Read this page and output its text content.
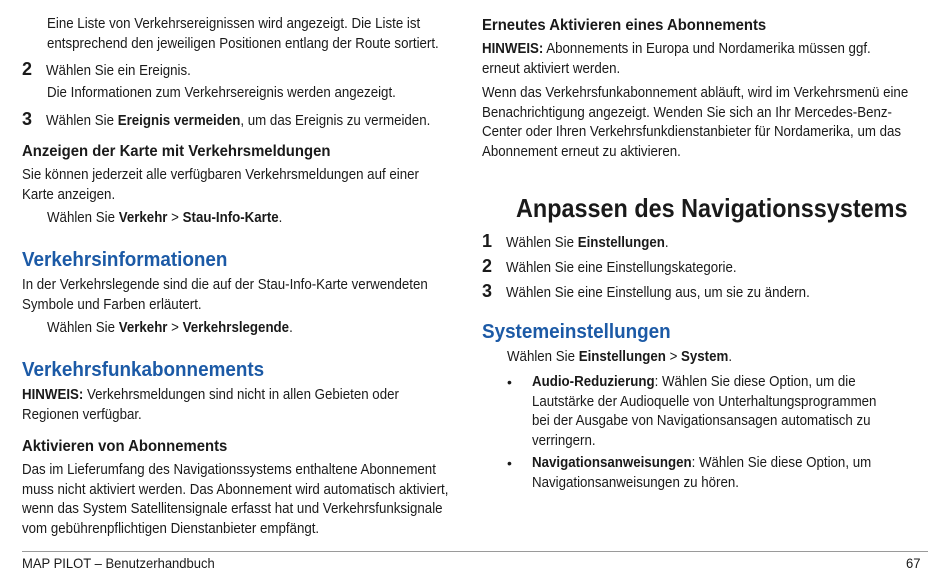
Eine Liste von Verkehrsereignissen wird angezeigt. Die Liste ist
entsprechend den jeweiligen Positionen entlang der Route sortiert.

2 Wählen Sie ein Ereignis.

Die Informationen zum Verkehrsereignis werden angezeigt.

3 Wählen Sie Ereignis vermeiden, um das Ereignis zu vermeiden.
Anzeigen der Karte mit Verkehrsmeldungen

Sie können jederzeit alle verfügbaren Verkehrsmeldungen auf einer
Karte anzeigen.

Wählen Sie Verkehr > Stau-Info-Karte.

Verkehrsinformationen

In der Verkehrslegende sind die auf der Stau-Info-Karte verwendeten
Symbole und Farben erläutert.

Wählen Sie Verkehr > Verkehrslegende.

Verkehrsfunkabonnements

HINWEIS: Verkehrsmeldungen sind nicht in allen Gebieten oder
Regionen verfügbar.

Aktivieren von Abonnements

Das im Lieferumfang des Navigationssystems enthaltene Abonnement
muss nicht aktiviert werden. Das Abonnement wird automatisch aktiviert,
wenn das System Satellitensignale erfasst hat und Verkehrsfunksignale
vom gebührenpflichtigen Dienstanbieter empfängt.

Erneutes Aktivieren eines Abonnements

HINWEIS: Abonnements in Europa und Nordamerika müssen ggf.
erneut aktiviert werden.

Wenn das Verkehrsfunkabonnement abläuft, wird im Verkehrsmenü eine
Benachrichtigung angezeigt. Wenden Sie sich an Ihr Mercedes-Benz-
Center oder Ihren Verkehrsfunkdienstanbieter für Nordamerika, um das
Abonnement erneut zu aktivieren.

Anpassen des Navigationssystems
1 Wählen Sie Einstellungen.
2 Wählen Sie eine Einstellungskategorie.
3 Wählen Sie eine Einstellung aus, um sie zu ändern.
Systemeinstellungen

Wählen Sie Einstellungen > System.

• Audio-Reduzierung: Wählen Sie diese Option, um die
Lautstärke der Audioquelle von Unterhaltungsprogrammen
bei der Ausgabe von Navigationsansagen automatisch zu
verringern.

• Navigationsanweisungen: Wählen Sie diese Option, um
Navigationsanweisungen zu hören.

MAP PILOT – Benutzerhandbuch	67
